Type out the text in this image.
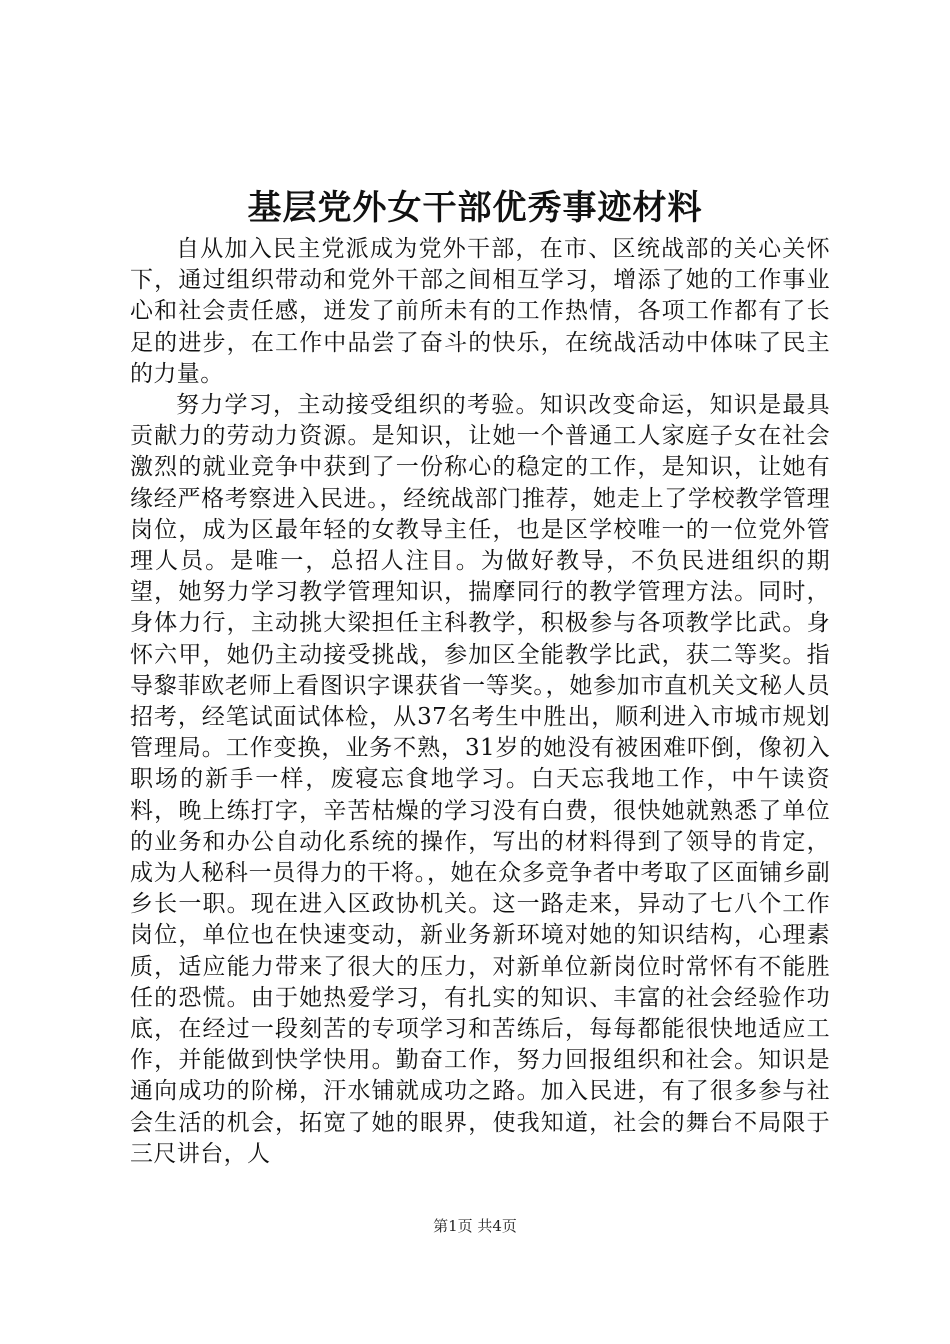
基层党外女干部优秀事迹材料

自从加入民主党派成为党外干部，在市、区统战部的关心关怀下，通过组织带动和党外干部之间相互学习，增添了她的工作事业心和社会责任感，迸发了前所未有的工作热情，各项工作都有了长足的进步，在工作中品尝了奋斗的快乐，在统战活动中体味了民主的力量。

努力学习，主动接受组织的考验。知识改变命运，知识是最具贡献力的劳动力资源。是知识，让她一个普通工人家庭子女在社会激烈的就业竞争中获到了一份称心的稳定的工作，是知识，让她有缘经严格考察进入民进。，经统战部门推荐，她走上了学校教学管理岗位，成为区最年轻的女教导主任，也是区学校唯一的一位党外管理人员。是唯一，总招人注目。为做好教导，不负民进组织的期望，她努力学习教学管理知识，揣摩同行的教学管理方法。同时，身体力行，主动挑大梁担任主科教学，积极参与各项教学比武。身怀六甲，她仍主动接受挑战，参加区全能教学比武，获二等奖。指导黎菲欧老师上看图识字课获省一等奖。，她参加市直机关文秘人员招考，经笔试面试体检，从37名考生中胜出，顺利进入市城市规划管理局。工作变换，业务不熟，31岁的她没有被困难吓倒，像初入职场的新手一样，废寝忘食地学习。白天忘我地工作，中午读资料，晚上练打字，辛苦枯燥的学习没有白费，很快她就熟悉了单位的业务和办公自动化系统的操作，写出的材料得到了领导的肯定，成为人秘科一员得力的干将。，她在众多竞争者中考取了区面铺乡副乡长一职。现在进入区政协机关。这一路走来，异动了七八个工作岗位，单位也在快速变动，新业务新环境对她的知识结构，心理素质，适应能力带来了很大的压力，对新单位新岗位时常怀有不能胜任的恐慌。由于她热爱学习，有扎实的知识、丰富的社会经验作功底，在经过一段刻苦的专项学习和苦练后，每每都能很快地适应工作，并能做到快学快用。勤奋工作，努力回报组织和社会。知识是通向成功的阶梯，汗水铺就成功之路。加入民进，有了很多参与社会生活的机会，拓宽了她的眼界，使我知道，社会的舞台不局限于三尺讲台，人

第1页 共4页
